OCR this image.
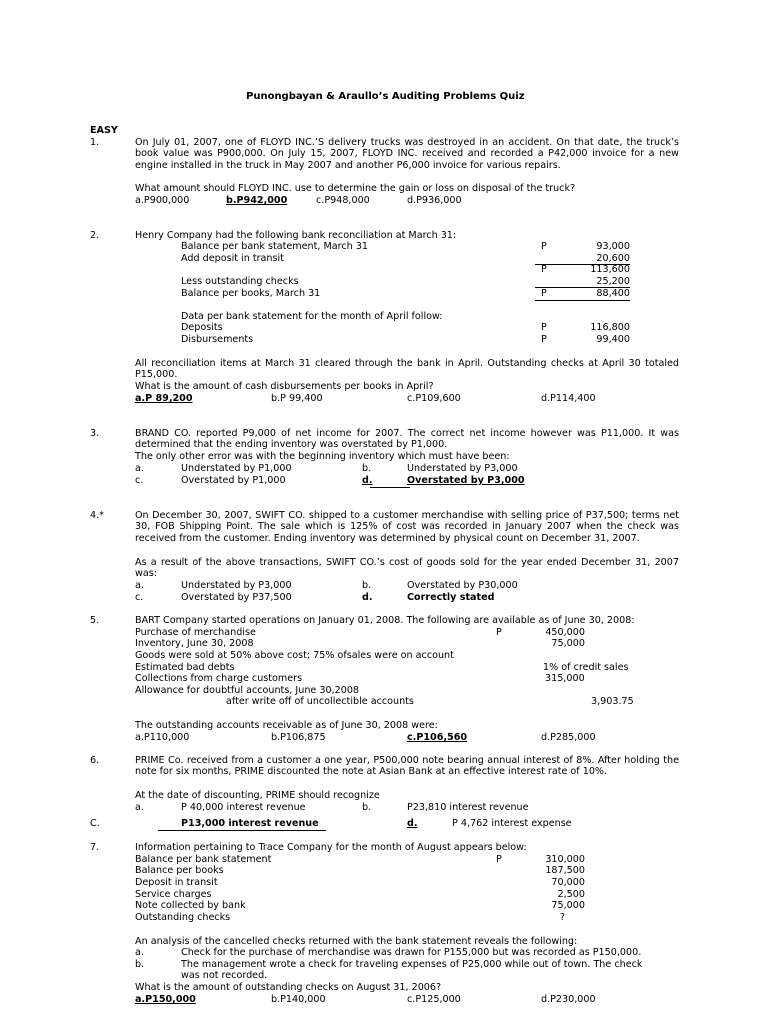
Punongbayan & Araullo’s Auditing Problems Quiz
EASY
1.	On July 01, 2007, one of FLOYD INC.’S delivery trucks was destroyed in an accident. On that date, the truck’s book value was P900,000. On July 15, 2007, FLOYD INC. received and recorded a P42,000 invoice for a new engine installed in the truck in May 2007 and another P6,000 invoice for various repairs.
What amount should FLOYD INC. use to determine the gain or loss on disposal of the truck?
a.P900,000	b.P942,000	c.P948,000	d.P936,000
2.	Henry Company had the following bank reconciliation at March 31:
Balance per bank statement, March 31	P	93,000
Add deposit in transit	20,600
P	113,600
Less outstanding checks	25,200
Balance per books, March 31	P	88,400
Data per bank statement for the month of April follow:
Deposits	P	116,800
Disbursements	P	99,400
All reconciliation items at March 31 cleared through the bank in April. Outstanding checks at April 30 totaled P15,000.
What is the amount of cash disbursements per books in April?
a.P 89,200	b.P 99,400	c.P109,600	d.P114,400
3.	BRAND CO. reported P9,000 of net income for 2007. The correct net income however was P11,000. It was determined that the ending inventory was overstated by P1,000.
The only other error was with the beginning inventory which must have been:
a.	Understated by P1,000	b.	Understated by P3,000
c.	Overstated by P1,000	d.	Overstated by P3,000
4.*	On December 30, 2007, SWIFT CO. shipped to a customer merchandise with selling price of P37,500; terms net 30, FOB Shipping Point. The sale which is 125% of cost was recorded in January 2007 when the check was received from the customer. Ending inventory was determined by physical count on December 31, 2007.
As a result of the above transactions, SWIFT CO.’s cost of goods sold for the year ended December 31, 2007 was:
a.	Understated by P3,000	b.	Overstated by P30,000
c.	Overstated by P37,500	d.	Correctly stated
5.	BART Company started operations on January 01, 2008. The following are available as of June 30, 2008:
Purchase of merchandise	P	450,000
Inventory, June 30, 2008	75,000
Goods were sold at 50% above cost; 75% ofsales were on account
Estimated bad debts	1% of credit sales
Collections from charge customers	315,000
Allowance for doubtful accounts, June 30,2008
after write off of uncollectible accounts	3,903.75
The outstanding accounts receivable as of June 30, 2008 were:
a.P110,000	b.P106,875	c.P106,560	d.P285,000
6.	PRIME Co. received from a customer a one year, P500,000 note bearing annual interest of 8%. After holding the note for six months, PRIME discounted the note at Asian Bank at an effective interest rate of 10%.
At the date of discounting, PRIME should recognize
a.	P 40,000 interest revenue	b.	P23,810 interest revenue
C.	P13,000 interest revenue	d.	P 4,762 interest expense
7.	Information pertaining to Trace Company for the month of August appears below:
Balance per bank statement	P	310,000
Balance per books	187,500
Deposit in transit	70,000
Service charges	2,500
Note collected by bank	75,000
Outstanding checks	?
An analysis of the cancelled checks returned with the bank statement reveals the following:
a.	Check for the purchase of merchandise was drawn for P155,000 but was recorded as P150,000.
b.	The management wrote a check for traveling expenses of P25,000 while out of town. The check
was not recorded.
What is the amount of outstanding checks on August 31, 2006?
a.P150,000	b.P140,000	c.P125,000	d.P230,000
